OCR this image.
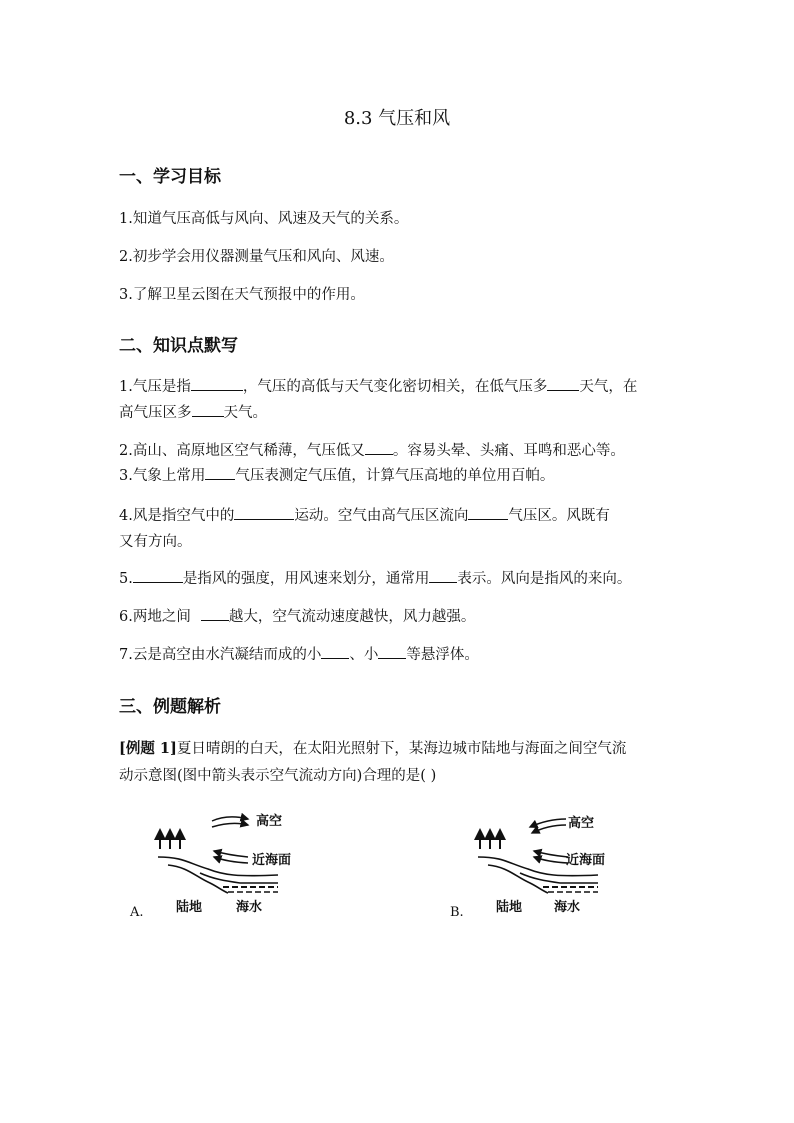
8.3 气压和风
一、学习目标
1.知道气压高低与风向、风速及天气的关系。
2.初步学会用仪器测量气压和风向、风速。
3.了解卫星云图在天气预报中的作用。
二、知识点默写
1.气压是指	，气压的高低与天气变化密切相关，在低气压多 天气，在
高气压区多 天气。
2.高山、高原地区空气稀薄，气压低又 。容易头晕、头痛、耳鸣和恶心等。
3.气象上常用 气压表测定气压值，计算气压高地的单位用百帕。
4.风是指空气中的	运动。空气由高气压区流向	气压区。风既有
又有方向。
5.	是指风的强度，用风速来划分，通常用 表示。风向是指风的来向。
6.两地之间	越大，空气流动速度越快，风力越强。
7.云是高空由水汽凝结而成的小 、小 等悬浮体。
三、例题解析
[例题 1]夏日晴朗的白天，在太阳光照射下，某海边城市陆地与海面之间空气流
动示意图(图中箭头表示空气流动方向)合理的是( )
高空
近海面
陆地	海水
A.
高空
近海面
陆地 海水
B.
